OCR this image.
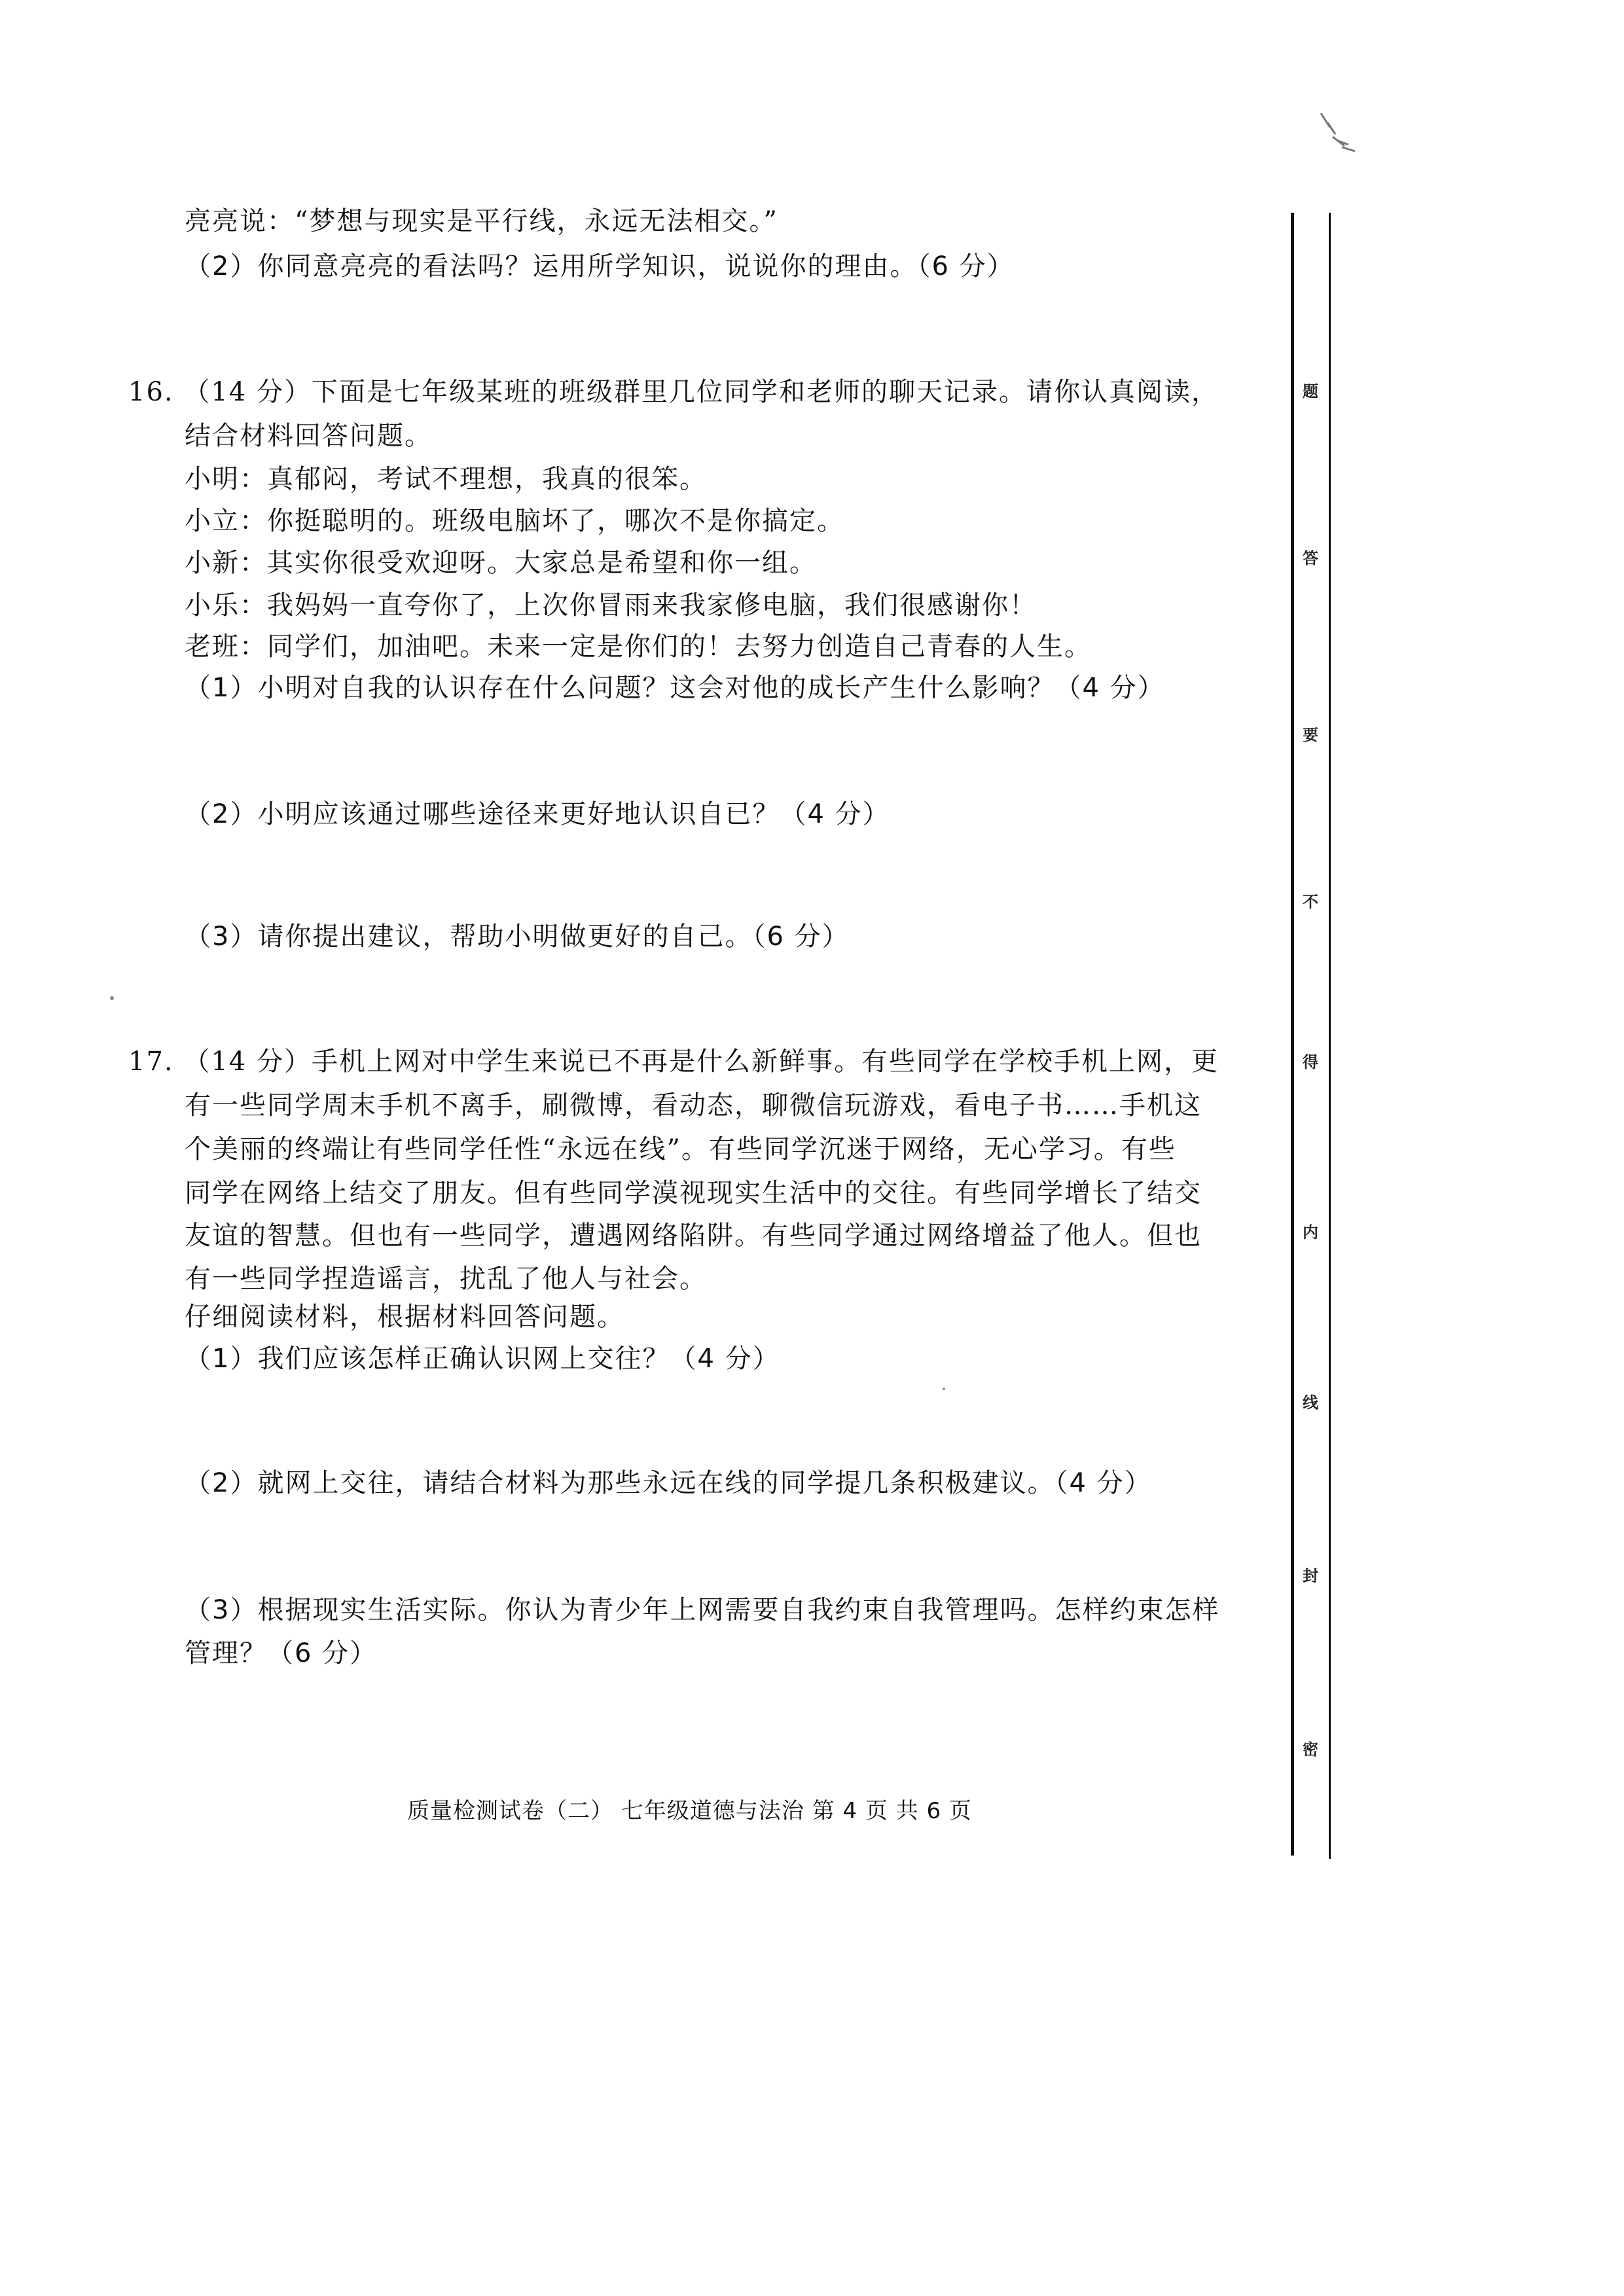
亮亮说：“梦想与现实是平行线，永远无法相交。”
（2）你同意亮亮的看法吗？运用所学知识，说说你的理由。（6 分）
16. （14 分）下面是七年级某班的班级群里几位同学和老师的聊天记录。请你认真阅读，
结合材料回答问题。
小明：真郁闷，考试不理想，我真的很笨。
小立：你挺聪明的。班级电脑坏了，哪次不是你搞定。
小新：其实你很受欢迎呀。大家总是希望和你一组。
小乐：我妈妈一直夸你了，上次你冒雨来我家修电脑，我们很感谢你！
老班：同学们，加油吧。未来一定是你们的！去努力创造自己青春的人生。
（1）小明对自我的认识存在什么问题？这会对他的成长产生什么影响？（4 分）
（2）小明应该通过哪些途径来更好地认识自已？（4 分）
（3）请你提出建议，帮助小明做更好的自己。（6 分）
17. （14 分）手机上网对中学生来说已不再是什么新鲜事。有些同学在学校手机上网，更
有一些同学周末手机不离手，刷微博，看动态，聊微信玩游戏，看电子书……手机这
个美丽的终端让有些同学任性“永远在线”。有些同学沉迷于网络，无心学习。有些
同学在网络上结交了朋友。但有些同学漠视现实生活中的交往。有些同学增长了结交
友谊的智慧。但也有一些同学，遭遇网络陷阱。有些同学通过网络增益了他人。但也
有一些同学捏造谣言，扰乱了他人与社会。
仔细阅读材料，根据材料回答问题。
（1）我们应该怎样正确认识网上交往？（4 分）
（2）就网上交往，请结合材料为那些永远在线的同学提几条积极建议。（4 分）
（3）根据现实生活实际。你认为青少年上网需要自我约束自我管理吗。怎样约束怎样
管理？（6 分）
质量检测试卷（二） 七年级道德与法治 第 4 页 共 6 页
题
答
要
不
得
内
线
封
密
